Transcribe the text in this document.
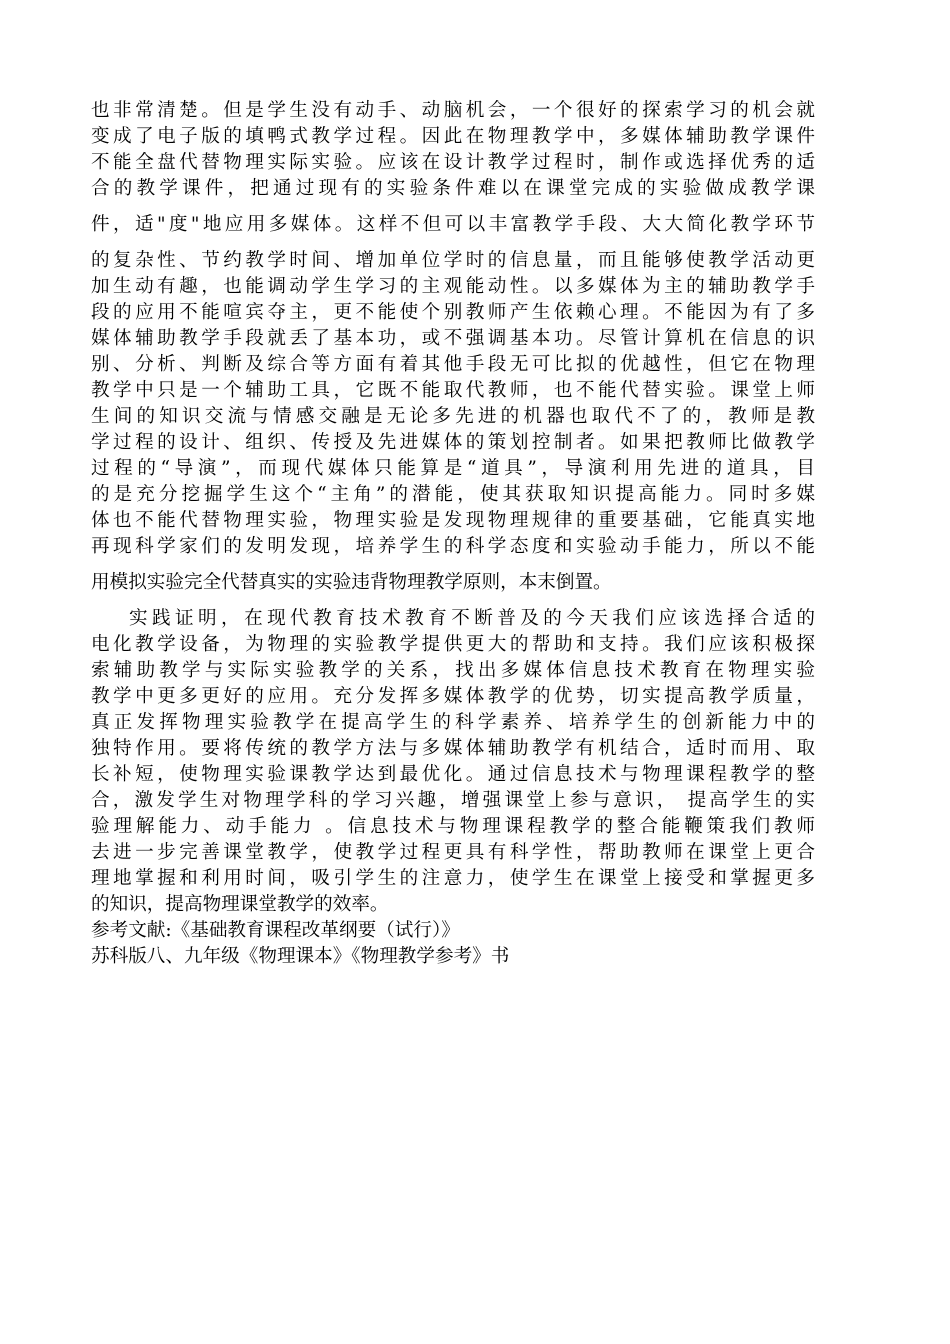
也非常清楚。但是学生没有动手、动脑机会，一个很好的探索学习的机会就
变成了电子版的填鸭式教学过程。因此在物理教学中，多媒体辅助教学课件
不能全盘代替物理实际实验。应该在设计教学过程时，制作或选择优秀的适
合的教学课件，把通过现有的实验条件难以在课堂完成的实验做成教学课
件，适"度"地应用多媒体。这样不但可以丰富教学手段、大大简化教学环节
的复杂性、节约教学时间、增加单位学时的信息量，而且能够使教学活动更
加生动有趣，也能调动学生学习的主观能动性。以多媒体为主的辅助教学手
段的应用不能喧宾夺主，更不能使个别教师产生依赖心理。不能因为有了多
媒体辅助教学手段就丢了基本功，或不强调基本功。尽管计算机在信息的识
别、分析、判断及综合等方面有着其他手段无可比拟的优越性，但它在物理
教学中只是一个辅助工具，它既不能取代教师，也不能代替实验。课堂上师
生间的知识交流与情感交融是无论多先进的机器也取代不了的，教师是教
学过程的设计、组织、传授及先进媒体的策划控制者。如果把教师比做教学
过程的“导演”，而现代媒体只能算是“道具”，导演利用先进的道具，目
的是充分挖掘学生这个“主角”的潜能，使其获取知识提高能力。同时多媒
体也不能代替物理实验，物理实验是发现物理规律的重要基础，它能真实地
再现科学家们的发明发现，培养学生的科学态度和实验动手能力，所以不能
用模拟实验完全代替真实的实验违背物理教学原则，本末倒置。
实践证明，在现代教育技术教育不断普及的今天我们应该选择合适的
电化教学设备，为物理的实验教学提供更大的帮助和支持。我们应该积极探
索辅助教学与实际实验教学的关系，找出多媒体信息技术教育在物理实验
教学中更多更好的应用。充分发挥多媒体教学的优势，切实提高教学质量，
真正发挥物理实验教学在提高学生的科学素养、培养学生的创新能力中的
独特作用。要将传统的教学方法与多媒体辅助教学有机结合，适时而用、取
长补短，使物理实验课教学达到最优化。通过信息技术与物理课程教学的整
合，激发学生对物理学科的学习兴趣，增强课堂上参与意识， 提高学生的实
验理解能力、动手能力 。信息技术与物理课程教学的整合能鞭策我们教师
去进一步完善课堂教学，使教学过程更具有科学性，帮助教师在课堂上更合
理地掌握和利用时间，吸引学生的注意力，使学生在课堂上接受和掌握更多
的知识，提高物理课堂教学的效率。
参考文献:《基础教育课程改革纲要（试行）》
苏科版八、九年级《物理课本》《物理教学参考》书
